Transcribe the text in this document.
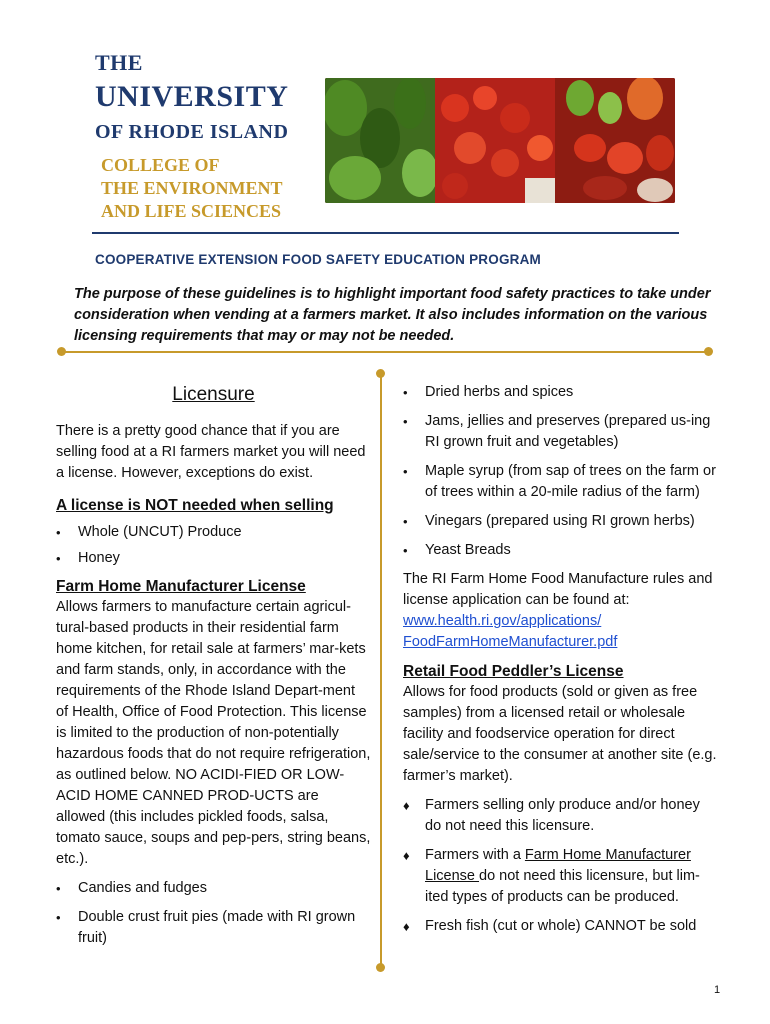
THE
UNIVERSITY
OF RHODE ISLAND
COLLEGE OF
THE ENVIRONMENT
AND LIFE SCIENCES
COOPERATIVE EXTENSION FOOD SAFETY EDUCATION PROGRAM
The purpose of these guidelines is to highlight important food safety practices to take under consideration when vending at a farmers market. It also includes information on the various licensing requirements that may or may not be needed.
Licensure

There is a pretty good chance that if you are selling food at a RI farmers market you will need a license. However, exceptions do exist.

A license is NOT needed when selling

• Whole (UNCUT) Produce
• Honey

Farm Home Manufacturer License

Allows farmers to manufacture certain agricul-tural-based products in their residential farm home kitchen, for retail sale at farmers’ mar-kets and farm stands, only, in accordance with the requirements of the Rhode Island Depart-ment of Health, Office of Food Protection. This license is limited to the production of non-potentially hazardous foods that do not require refrigeration, as outlined below. NO ACIDI-FIED OR LOW-ACID HOME CANNED PROD-UCTS are allowed (this includes pickled foods, salsa, tomato sauce, soups and pep-pers, string beans, etc.).

• Candies and fudges
• Double crust fruit pies (made with RI grown fruit)
• Dried herbs and spices
• Jams, jellies and preserves (prepared us-ing RI grown fruit and vegetables)
• Maple syrup (from sap of trees on the farm or of trees within a 20-mile radius of the farm)
• Vinegars (prepared using RI grown herbs)
• Yeast Breads

The RI Farm Home Food Manufacture rules and license application can be found at:

www.health.ri.gov/applications/
FoodFarmHomeManufacturer.pdf

Retail Food Peddler’s License

Allows for food products (sold or given as free samples) from a licensed retail or wholesale facility and foodservice operation for direct sale/service to the consumer at another site (e.g. farmer’s market).

♦ Farmers selling only produce and/or honey do not need this licensure.
♦ Farmers with a Farm Home Manufacturer License do not need this licensure, but lim-ited types of products can be produced.
♦ Fresh fish (cut or whole) CANNOT be sold
1
